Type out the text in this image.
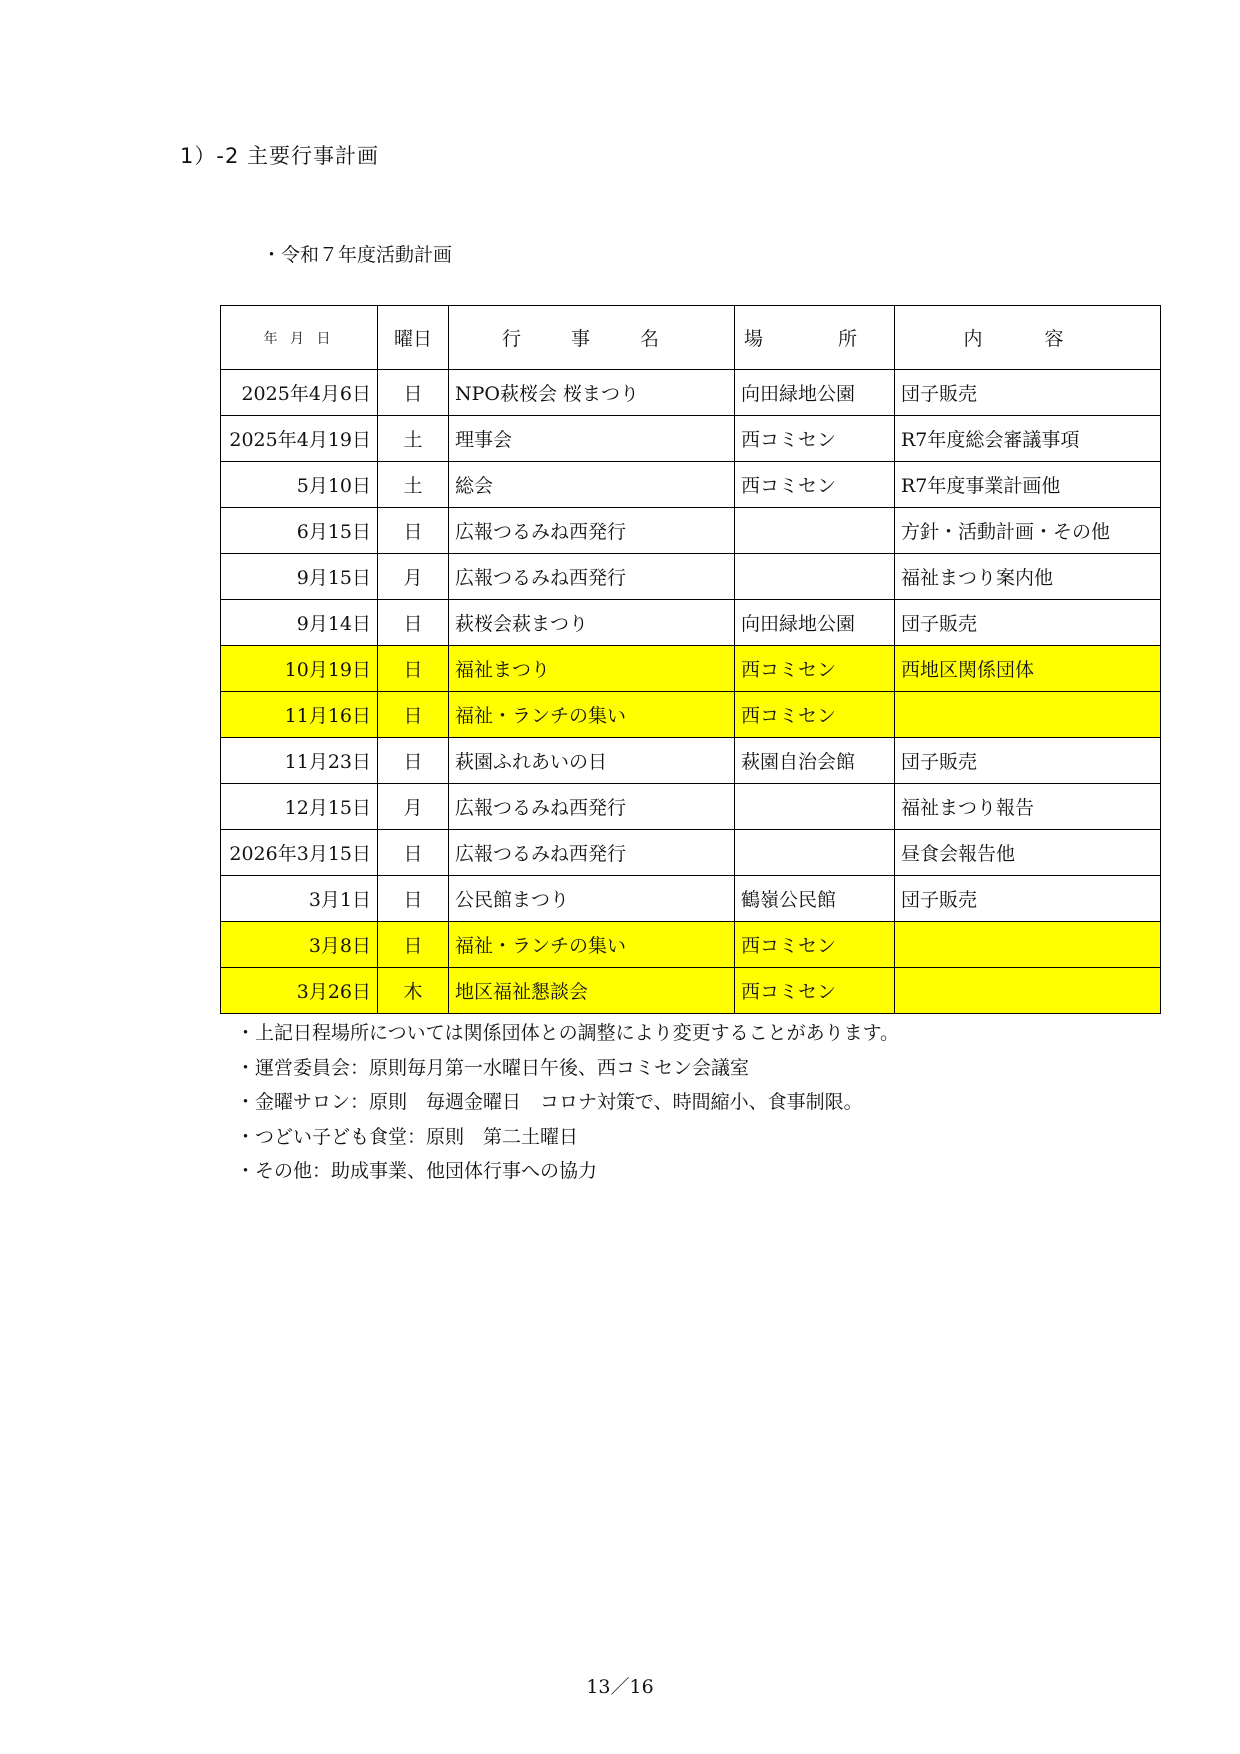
1）-2 主要行事計画
・令和７年度活動計画
年 月 日	曜日	行 事 名	場　所	内 容
2025年4月6日	日	NPO萩桜会 桜まつり	向田緑地公園	団子販売
2025年4月19日	土	理事会	西コミセン	R7年度総会審議事項
5月10日	土	総会	西コミセン	R7年度事業計画他
6月15日	日	広報つるみね西発行		方針・活動計画・その他
9月15日	月	広報つるみね西発行		福祉まつり案内他
9月14日	日	萩桜会萩まつり	向田緑地公園	団子販売
10月19日	日	福祉まつり	西コミセン	西地区関係団体
11月16日	日	福祉・ランチの集い	西コミセン	
11月23日	日	萩園ふれあいの日	萩園自治会館	団子販売
12月15日	月	広報つるみね西発行		福祉まつり報告
2026年3月15日	日	広報つるみね西発行		昼食会報告他
3月1日	日	公民館まつり	鶴嶺公民館	団子販売
3月8日	日	福祉・ランチの集い	西コミセン	
3月26日	木	地区福祉懇談会	西コミセン	
・上記日程場所については関係団体との調整により変更することがあります。
・運営委員会：原則毎月第一水曜日午後、西コミセン会議室
・金曜サロン：原則　毎週金曜日　コロナ対策で、時間縮小、食事制限。
・つどい子ども食堂：原則　第二土曜日
・その他：助成事業、他団体行事への協力
13／16
